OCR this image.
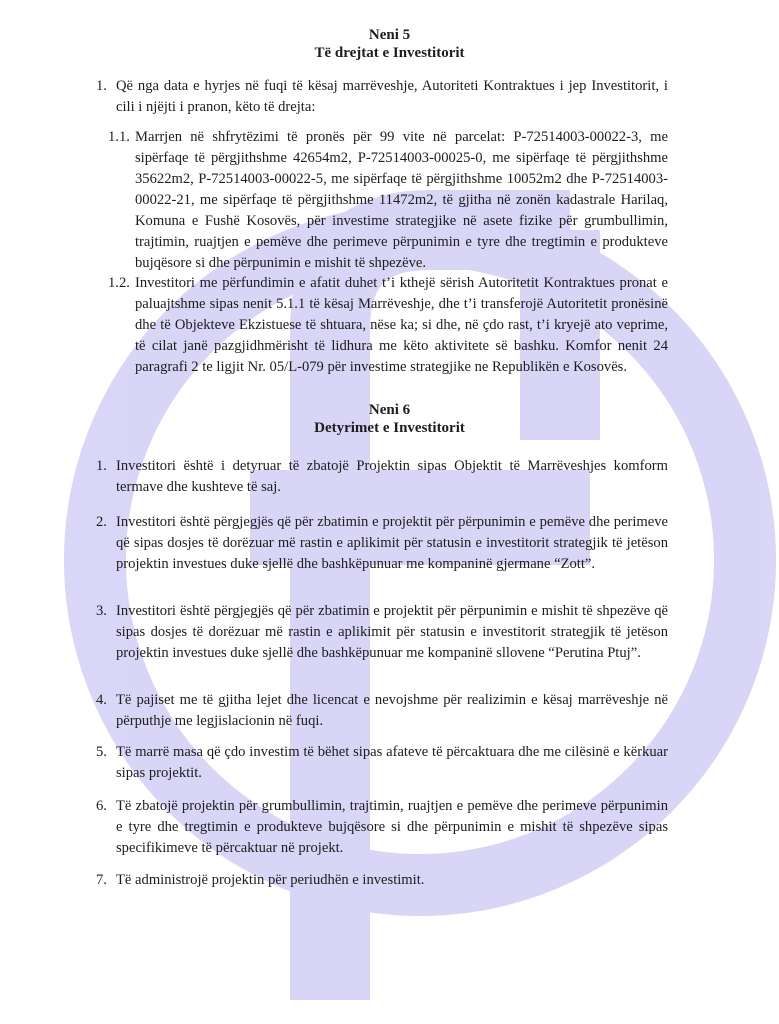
Neni 5
Të drejtat e Investitorit
1. Që nga data e hyrjes në fuqi të kësaj marrëveshje, Autoriteti Kontraktues i jep Investitorit, i cili i njëjti i pranon, këto të drejta:
1.1. Marrjen në shfrytëzimi të pronës për 99 vite në parcelat: P-72514003-00022-3, me sipërfaqe të përgjithshme 42654m2, P-72514003-00025-0, me sipërfaqe të përgjithshme 35622m2, P-72514003-00022-5, me sipërfaqe të përgjithshme 10052m2 dhe P-72514003-00022-21, me sipërfaqe të përgjithshme 11472m2, të gjitha në zonën kadastrale Harilaq, Komuna e Fushë Kosovës, për investime strategjike në asete fizike për grumbullimin, trajtimin, ruajtjen e pemëve dhe perimeve përpunimin e tyre dhe tregtimin e produkteve bujqësore si dhe përpunimin e mishit të shpezëve.
1.2. Investitori me përfundimin e afatit duhet t’i kthejë sërish Autoritetit Kontraktues pronat e paluajtshme sipas nenit 5.1.1 të kësaj Marrëveshje, dhe t’i transferojë Autoritetit pronësinë dhe të Objekteve Ekzistuese të shtuara, nëse ka; si dhe, në çdo rast, t’i kryejë ato veprime, të cilat janë pazgjidhmërisht të lidhura me këto aktivitete së bashku. Komfor nenit 24 paragrafi 2 te ligjit Nr. 05/L-079 për investime strategjike ne Republikën e Kosovës.
Neni 6
Detyrimet e Investitorit
1. Investitori është i detyruar të zbatojë Projektin sipas Objektit të Marrëveshjes komform termave dhe kushteve të saj.
2. Investitori është përgjegjës që për zbatimin e projektit për përpunimin e pemëve dhe perimeve që sipas dosjes të dorëzuar më rastin e aplikimit për statusin e investitorit strategjik të jetëson projektin investues duke sjellë dhe bashkëpunuar me kompaninë gjermane “Zott”.
3. Investitori është përgjegjës që për zbatimin e projektit për përpunimin e mishit të shpezëve që sipas dosjes të dorëzuar më rastin e aplikimit për statusin e investitorit strategjik të jetëson projektin investues duke sjellë dhe bashkëpunuar me kompaninë sllovene “Perutina Ptuj”.
4. Të pajiset me të gjitha lejet dhe licencat e nevojshme për realizimin e kësaj marrëveshje në përputhje me legjislacionin në fuqi.
5. Të marrë masa që çdo investim të bëhet sipas afateve të përcaktuara dhe me cilësinë e kërkuar sipas projektit.
6. Të zbatojë projektin për grumbullimin, trajtimin, ruajtjen e pemëve dhe perimeve përpunimin e tyre dhe tregtimin e produkteve bujqësore si dhe përpunimin e mishit të shpezëve sipas specifikimeve të përcaktuar në projekt.
7. Të administrojë projektin për periudhën e investimit.
